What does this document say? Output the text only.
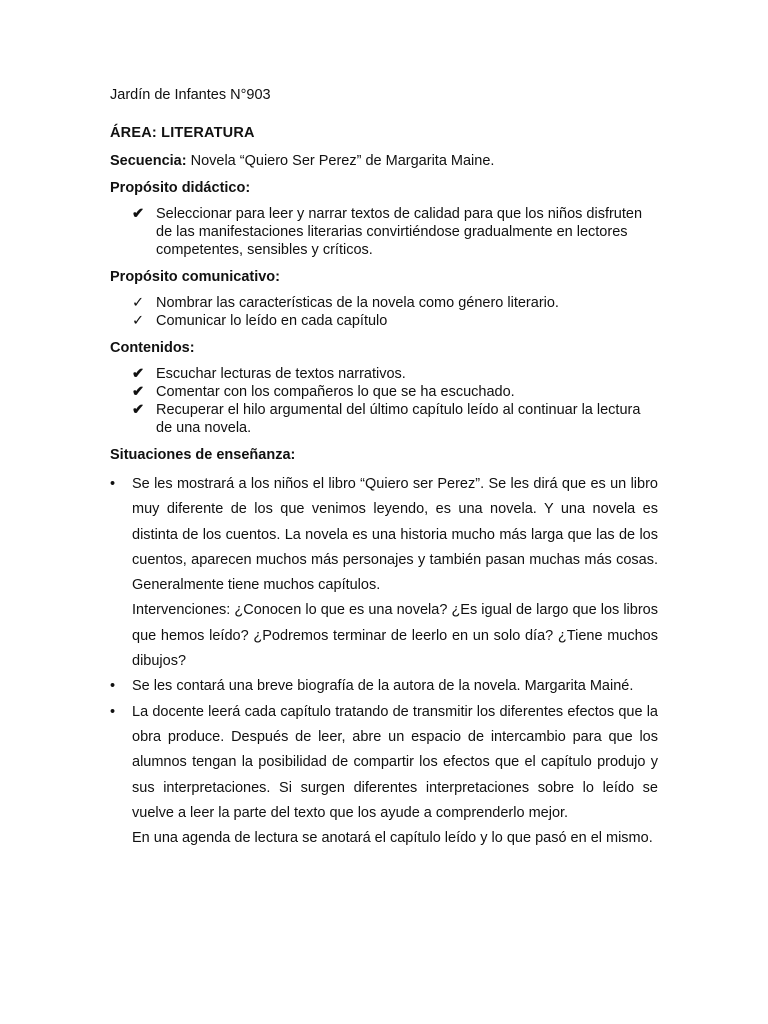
Jardín de Infantes N°903
ÁREA: LITERATURA
Secuencia: Novela “Quiero Ser Perez” de Margarita Maine.
Propósito didáctico:
✔ Seleccionar para leer y narrar textos de calidad para que los niños disfruten de las manifestaciones literarias convirtiéndose gradualmente en lectores competentes, sensibles y críticos.
Propósito comunicativo:
✓ Nombrar las características de la novela como género literario.
✓ Comunicar lo leído en cada capítulo
Contenidos:
✔ Escuchar lecturas de textos narrativos.
✔ Comentar con los compañeros lo que se ha escuchado.
✔ Recuperar el hilo argumental del último capítulo leído al continuar la lectura de una novela.
Situaciones de enseñanza:
• Se les mostrará a los niños el libro “Quiero ser Perez”. Se les dirá que es un libro muy diferente de los que venimos leyendo, es una novela. Y una novela es distinta de los cuentos. La novela es una historia mucho más larga que las de los cuentos, aparecen muchos más personajes y también pasan muchas más cosas. Generalmente tiene muchos capítulos.

Intervenciones: ¿Conocen lo que es una novela? ¿Es igual de largo que los libros que hemos leído? ¿Podremos terminar de leerlo en un solo día? ¿Tiene muchos dibujos?

• Se les contará una breve biografía de la autora de la novela. Margarita Mainé.

• La docente leerá cada capítulo tratando de transmitir los diferentes efectos que la obra produce. Después de leer, abre un espacio de intercambio para que los alumnos tengan la posibilidad de compartir los efectos que el capítulo produjo y sus interpretaciones. Si surgen diferentes interpretaciones sobre lo leído se vuelve a leer la parte del texto que los ayude a comprenderlo mejor.

En una agenda de lectura se anotará el capítulo leído y lo que pasó en el mismo.
